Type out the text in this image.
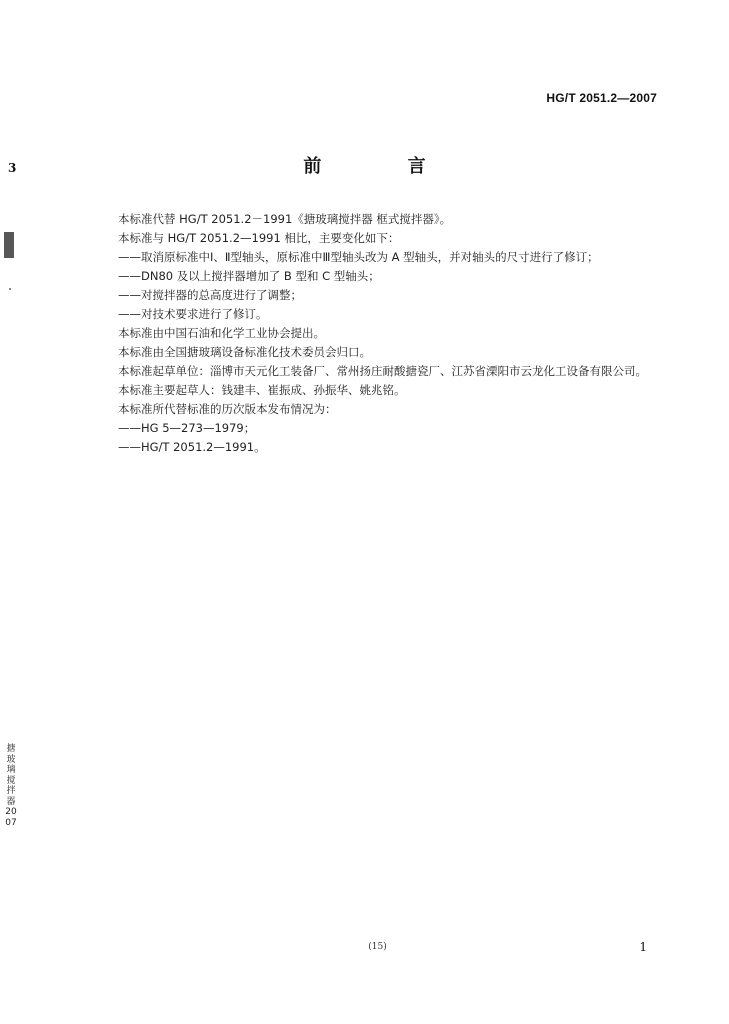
HG/T 2051.2—2007
3	前 言

本标准代替 HG/T 2051.2－1991《搪玻璃搅拌器 框式搅拌器》。

本标准与 HG/T 2051.2—1991 相比，主要变化如下：

——取消原标准中Ⅰ、Ⅱ型轴头，原标准中Ⅲ型轴头改为 A 型轴头，并对轴头的尺寸进行了修订；

——DN80 及以上搅拌器增加了 B 型和 C 型轴头；

——对搅拌器的总高度进行了调整；

——对技术要求进行了修订。

本标准由中国石油和化学工业协会提出。

本标准由全国搪玻璃设备标准化技术委员会归口。

本标准起草单位：淄博市天元化工装备厂、常州扬庄耐酸搪瓷厂、江苏省溧阳市云龙化工设备有限公司。

本标准主要起草人：钱建丰、崔振成、孙振华、姚兆铭。

本标准所代替标准的历次版本发布情况为：

——HG 5—273—1979；

——HG/T 2051.2—1991。

搪玻璃搅拌器2007
(15)	1
